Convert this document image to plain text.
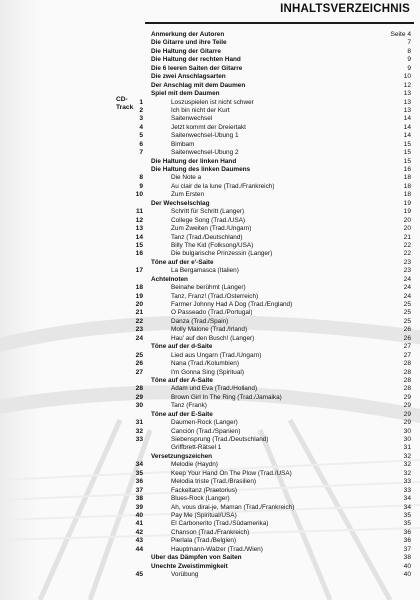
INHALTSVERZEICHNIS
CD-
Track
Anmerkung der Autoren	Seite 4
Die Gitarre und ihre Teile	7
Die Haltung der Gitarre	8
Die Haltung der rechten Hand	9
Die 6 leeren Saiten der Gitarre	9
Die zwei Anschlagsarten	10
Der Anschlag mit dem Daumen	12
Spiel mit dem Daumen	13
1	Loszuspielen ist nicht schwer	13
2	Ich bin nicht der Kurt	13
3	Saitenwechsel	14
4	Jetzt kommt der Dreiertakt	14
5	Saitenwechsel-Übung 1	14
6	Bimbam	15
7	Saitenwechsel-Übung 2	15
Die Haltung der linken Hand	15
Die Haltung des linken Daumens	16
8	Die Note a	18
9	Au clair de la lune (Trad./Frankreich)	18
10	Zum Ersten	18
Der Wechselschlag	19
11	Schritt für Schritt (Langer)	19
12	College Song (Trad./USA)	20
13	Zum Zweiten (Trad./Ungarn)	20
14	Tanz (Trad./Deutschland)	21
15	Billy The Kid (Folksong/USA)	22
16	Die bulgarische Prinzessin (Langer)	22
Töne auf der e'-Saite	23
17	La Bergamasca (Italien)	23
Achtelnoten	24
18	Beinahe berühmt (Langer)	24
19	Tanz, Franz! (Trad./Österreich)	24
20	Farmer Johnny Had A Dog (Trad./England)	25
21	O Passeado (Trad./Portugal)	25
22	Danza (Trad./Spain)	25
23	Molly Malone (Trad./Irland)	26
24	Hau' auf den Busch! (Langer)	26
Töne auf der d-Saite	27
25	Lied aus Ungarn (Trad./Ungarn)	27
26	Nana (Trad./Kolumbien)	28
27	I'm Gonna Sing (Spiritual)	28
Töne auf der A-Saite	28
28	Adam und Eva (Trad./Holland)	28
29	Brown Girl In The Ring (Trad./Jamaika)	29
30	Tanz (Frank)	29
Töne auf der E-Saite	29
31	Daumen-Rock (Langer)	29
32	Canción (Trad./Spanien)	30
33	Siebensprung (Trad./Deutschland)	30
Griffbrett-Rätsel 1	31
Versetzungszeichen	32
34	Melodie (Haydn)	32
35	Keep Your Hand On The Plow (Trad./USA)	32
36	Melodia triste (Trad./Brasilien)	33
37	Fackeltanz (Praetorius)	33
38	Blues-Rock (Langer)	34
39	Ah, vous dirai-je, Maman (Trad./Frankreich)	34
40	Pay Me (Spiritual/USA)	35
41	El Carbonerito (Trad./Südamerika)	35
42	Chanson (Trad./Frankreich)	36
43	Pierlala (Trad./Belgien)	36
44	Hauptmann-Walzer (Trad./Wien)	37
Über das Dämpfen von Saiten	38
Unechte Zweistimmigkeit	40
45	Vorübung	40
